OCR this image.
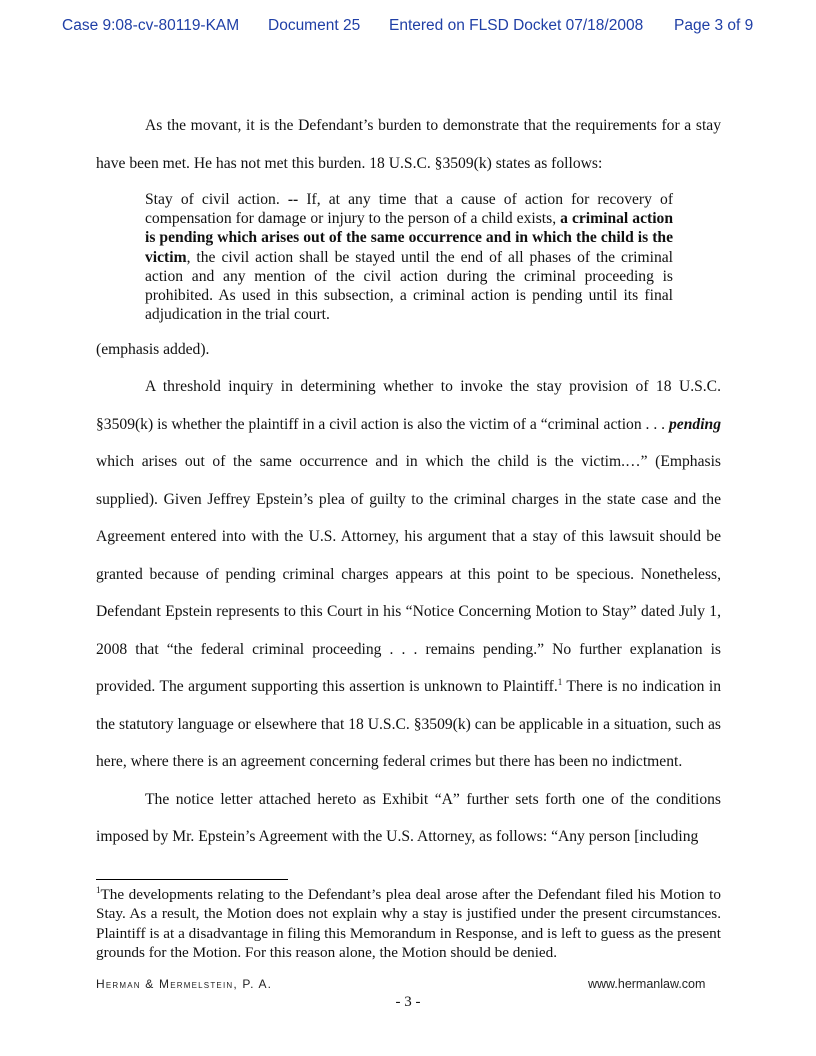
Case 9:08-cv-80119-KAM Document 25 Entered on FLSD Docket 07/18/2008 Page 3 of 9

As the movant, it is the Defendant’s burden to demonstrate that the requirements for a stay

have been met. He has not met this burden. 18 U.S.C. §3509(k) states as follows:

Stay of civil action. -- If, at any time that a cause of action for recovery of compensation for damage or injury to the person of a child exists, a criminal action is pending which arises out of the same occurrence and in which the child is the victim, the civil action shall be stayed until the end of all phases of the criminal action and any mention of the civil action during the criminal proceeding is prohibited. As used in this subsection, a criminal action is pending until its final adjudication in the trial court.

(emphasis added).

A threshold inquiry in determining whether to invoke the stay provision of 18 U.S.C. §3509(k) is whether the plaintiff in a civil action is also the victim of a “criminal action . . . pending which arises out of the same occurrence and in which the child is the victim.…” (Emphasis supplied). Given Jeffrey Epstein’s plea of guilty to the criminal charges in the state case and the Agreement entered into with the U.S. Attorney, his argument that a stay of this lawsuit should be granted because of pending criminal charges appears at this point to be specious. Nonetheless, Defendant Epstein represents to this Court in his “Notice Concerning Motion to Stay” dated July 1, 2008 that “the federal criminal proceeding . . . remains pending.” No further explanation is provided. The argument supporting this assertion is unknown to Plaintiff.$^1$ There is no indication in the statutory language or elsewhere that 18 U.S.C. §3509(k) can be applicable in a situation, such as here, where there is an agreement concerning federal crimes but there has been no indictment.

The notice letter attached hereto as Exhibit “A” further sets forth one of the conditions imposed by Mr. Epstein’s Agreement with the U.S. Attorney, as follows: “Any person [including

$^1$The developments relating to the Defendant’s plea deal arose after the Defendant filed his Motion to Stay. As a result, the Motion does not explain why a stay is justified under the present circumstances. Plaintiff is at a disadvantage in filing this Memorandum in Response, and is left to guess as the present grounds for the Motion. For this reason alone, the Motion should be denied.

Herman & Mermelstein, P. A.	www.hermanlaw.com
- 3 -
